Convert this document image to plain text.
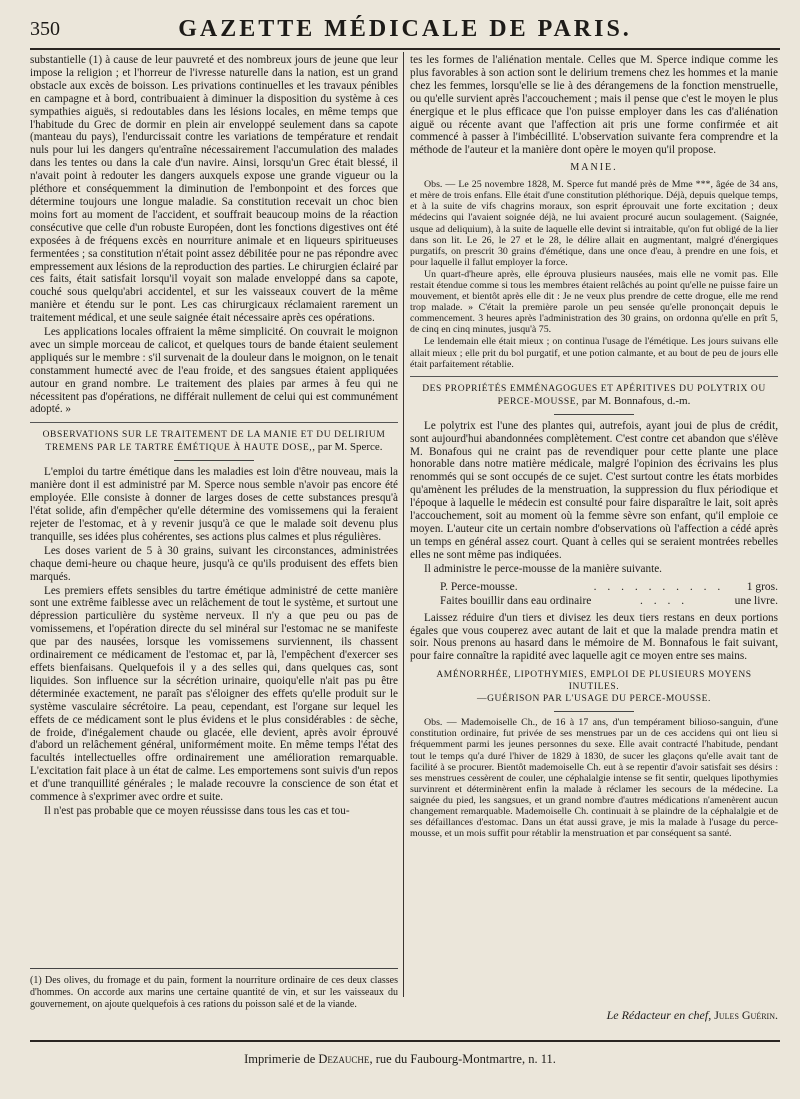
350	GAZETTE MÉDICALE DE PARIS.

substantielle (1) à cause de leur pauvreté et des nombreux jours de jeune que leur impose la religion ; et l'horreur de l'ivresse naturelle dans la nation, est un grand obstacle aux excès de boisson. Les privations continuelles et les travaux pénibles en campagne et à bord, contribuaient à diminuer la disposition du système à ces sympathies aiguës, si redoutables dans les lésions locales, en même temps que l'habitude du Grec de dormir en plein air enveloppé seulement dans sa capote (manteau du pays), l'endurcissait contre les variations de température et rendait nuls pour lui les dangers qu'entraîne nécessairement l'accumulation des malades dans les tentes ou dans la cale d'un navire. Ainsi, lorsqu'un Grec était blessé, il n'avait point à redouter les dangers auxquels expose une grande vigueur ou la pléthore et conséquemment la diminution de l'embonpoint et des forces que détermine toujours une longue maladie. Sa constitution recevait un choc bien moins fort au moment de l'accident, et souffrait beaucoup moins de la réaction consécutive que celle d'un robuste Européen, dont les fonctions digestives ont été exposées à de fréquens excès en nourriture animale et en liqueurs spiritueuses fermentées ; sa constitution n'était point assez débilitée pour ne pas répondre avec empressement aux lésions de la reproduction des parties. Le chirurgien éclairé par ces faits, était satisfait lorsqu'il voyait son malade enveloppé dans sa capote, couché sous quelqu'abri accidentel, et sur les vaisseaux couvert de la même manière et étendu sur le pont. Les cas chirurgicaux réclamaient rarement un traitement médical, et une seule saignée était nécessaire après ces opérations.

Les applications locales offraient la même simplicité. On couvrait le moignon avec un simple morceau de calicot, et quelques tours de bande étaient seulement appliqués sur le membre : s'il survenait de la douleur dans le moignon, on le tenait constamment humecté avec de l'eau froide, et des sangsues étaient appliquées autour en grand nombre. Le traitement des plaies par armes à feu qui ne nécessitent pas d'opérations, ne différait nullement de celui qui est communément adopté. »

OBSERVATIONS SUR LE TRAITEMENT DE LA MANIE ET DU DELIRIUM TREMENS PAR LE TARTRE ÉMÉTIQUE À HAUTE DOSE,, par M. Sperce.

L'emploi du tartre émétique dans les maladies est loin d'être nouveau, mais la manière dont il est administré par M. Sperce nous semble n'avoir pas encore été employée. Elle consiste à donner de larges doses de cette substances presqu'à l'état solide, afin d'empêcher qu'elle détermine des vomissemens qui la feraient rejeter de l'estomac, et à y revenir jusqu'à ce que le malade soit devenu plus tranquille, ses idées plus cohérentes, ses actions plus calmes et plus régulières.

Les doses varient de 5 à 30 grains, suivant les circonstances, administrées chaque demi-heure ou chaque heure, jusqu'à ce qu'ils produisent des effets bien marqués.

Les premiers effets sensibles du tartre émétique administré de cette manière sont une extrême faiblesse avec un relâchement de tout le système, et surtout une dépression particulière du système nerveux. Il n'y a que peu ou pas de vomissemens, et l'opération directe du sel minéral sur l'estomac ne se manifeste que par des nausées, lorsque les vomissemens surviennent, ils chassent ordinairement ce médicament de l'estomac et, par là, l'empêchent d'exercer ses effets bienfaisans. Quelquefois il y a des selles qui, dans quelques cas, sont liquides. Son influence sur la sécrétion urinaire, quoiqu'elle n'ait pas pu être déterminée exactement, ne paraît pas s'éloigner des effets qu'elle produit sur le système vasculaire sécrétoire. La peau, cependant, est l'organe sur lequel les effets de ce médicament sont le plus évidens et le plus considérables : de sèche, de froide, d'inégalement chaude ou glacée, elle devient, après avoir éprouvé d'abord un relâchement général, uniformément moite. En même temps l'état des facultés intellectuelles offre ordinairement une amélioration remarquable. L'excitation fait place à un état de calme. Les emportemens sont suivis d'un repos et d'une tranquillité générales ; le malade recouvre la conscience de son état et commence à s'exprimer avec ordre et suite.

Il n'est pas probable que ce moyen réussisse dans tous les cas et tou-

(1) Des olives, du fromage et du pain, forment la nourriture ordinaire de ces deux classes d'hommes. On accorde aux marins une certaine quantité de vin, et sur les vaisseaux du gouvernement, on ajoute quelquefois à ces rations du poisson salé et de la viande.

tes les formes de l'aliénation mentale. Celles que M. Sperce indique comme les plus favorables à son action sont le delirium tremens chez les hommes et la manie chez les femmes, lorsqu'elle se lie à des dérangemens de la fonction menstruelle, ou qu'elle survient après l'accouchement ; mais il pense que c'est le moyen le plus énergique et le plus efficace que l'on puisse employer dans les cas d'aliénation aiguë ou récente avant que l'affection ait pris une forme confirmée et ait commencé à passer à l'imbécillité. L'observation suivante fera comprendre et la méthode de l'auteur et la manière dont opère le moyen qu'il propose.

MANIE.

Obs. — Le 25 novembre 1828, M. Sperce fut mandé près de Mme ***, âgée de 34 ans, et mère de trois enfans. Elle était d'une constitution pléthorique. Déjà, depuis quelque temps, et à la suite de vifs chagrins moraux, son esprit éprouvait une forte excitation ; deux médecins qui l'avaient soignée déjà, ne lui avaient procuré aucun soulagement. (Saignée, usque ad deliquium), à la suite de laquelle elle devint si intraitable, qu'on fut obligé de la lier dans son lit. Le 26, le 27 et le 28, le délire allait en augmentant, malgré d'énergiques purgatifs, on prescrit 30 grains d'émétique, dans une once d'eau, à prendre en une fois, et pour laquelle il fallut employer la force.

Un quart-d'heure après, elle éprouva plusieurs nausées, mais elle ne vomit pas. Elle restait étendue comme si tous les membres étaient relâchés au point qu'elle ne puisse faire un mouvement, et bientôt après elle dit : Je ne veux plus prendre de cette drogue, elle me rend trop malade. » C'était la première parole un peu sensée qu'elle prononçait depuis le commencement. 3 heures après l'administration des 30 grains, on ordonna qu'elle en prît 5, de cinq en cinq minutes, jusqu'à 75.

Le lendemain elle était mieux ; on continua l'usage de l'émétique. Les jours suivans elle allait mieux ; elle prit du bol purgatif, et une potion calmante, et au bout de peu de jours elle était parfaitement rétablie.

DES PROPRIÉTÉS EMMÉNAGOGUES ET APÉRITIVES DU POLYTRIX OU PERCE-MOUSSE, par M. Bonnafous, d.-m.

Le polytrix est l'une des plantes qui, autrefois, ayant joui de plus de crédit, sont aujourd'hui abandonnées complètement. C'est contre cet abandon que s'élève M. Bonafous qui ne craint pas de revendiquer pour cette plante une place honorable dans notre matière médicale, malgré l'opinion des écrivains les plus renommés qui se sont occupés de ce sujet. C'est surtout contre les états morbides qu'amènent les préludes de la menstruation, la suppression du flux périodique et l'époque à laquelle le médecin est consulté pour faire disparaître le lait, soit après l'accouchement, soit au moment où la femme sèvre son enfant, qu'il emploie ce moyen. L'auteur cite un certain nombre d'observations où l'affection a cédé après un temps en général assez court. Quant à celles qui se seraient montrées rebelles elles ne sont même pas indiquées.

Il administre le perce-mousse de la manière suivante.

P. Perce-mousse.	. . . . . . . . . .	1 gros.
Faites bouillir dans eau ordinaire	. . . .	une livre.

Laissez réduire d'un tiers et divisez les deux tiers restans en deux portions égales que vous couperez avec autant de lait et que la malade prendra matin et soir. Nous prenons au hasard dans le mémoire de M. Bonnafous le fait suivant, pour faire connaître la rapidité avec laquelle agit ce moyen entre ses mains.

AMÉNORRHÉE, LIPOTHYMIES, EMPLOI DE PLUSIEURS MOYENS INUTILES.
—GUÉRISON PAR L'USAGE DU PERCE-MOUSSE.

Obs. — Mademoiselle Ch., de 16 à 17 ans, d'un tempérament bilioso-sanguin, d'une constitution ordinaire, fut privée de ses menstrues par un de ces accidens qui ont lieu si fréquemment parmi les jeunes personnes du sexe. Elle avait contracté l'habitude, pendant tout le temps qu'a duré l'hiver de 1829 à 1830, de sucer les glaçons qu'elle avait tant de facilité à se procurer. Bientôt mademoiselle Ch. eut à se repentir d'avoir satisfait ses désirs : ses menstrues cessèrent de couler, une céphalalgie intense se fit sentir, quelques lipothymies survinrent et déterminèrent enfin la malade à réclamer les secours de la médecine. La saignée du pied, les sangsues, et un grand nombre d'autres médications n'amenèrent aucun changement remarquable. Mademoiselle Ch. continuait à se plaindre de la céphalalgie et de ses défaillances d'estomac. Dans un état aussi grave, je mis la malade à l'usage du perce-mousse, et un mois suffit pour rétablir la menstruation et par conséquent sa santé.

Le Rédacteur en chef, Jules Guérin.
Imprimerie de Dezauche, rue du Faubourg-Montmartre, n. 11.
